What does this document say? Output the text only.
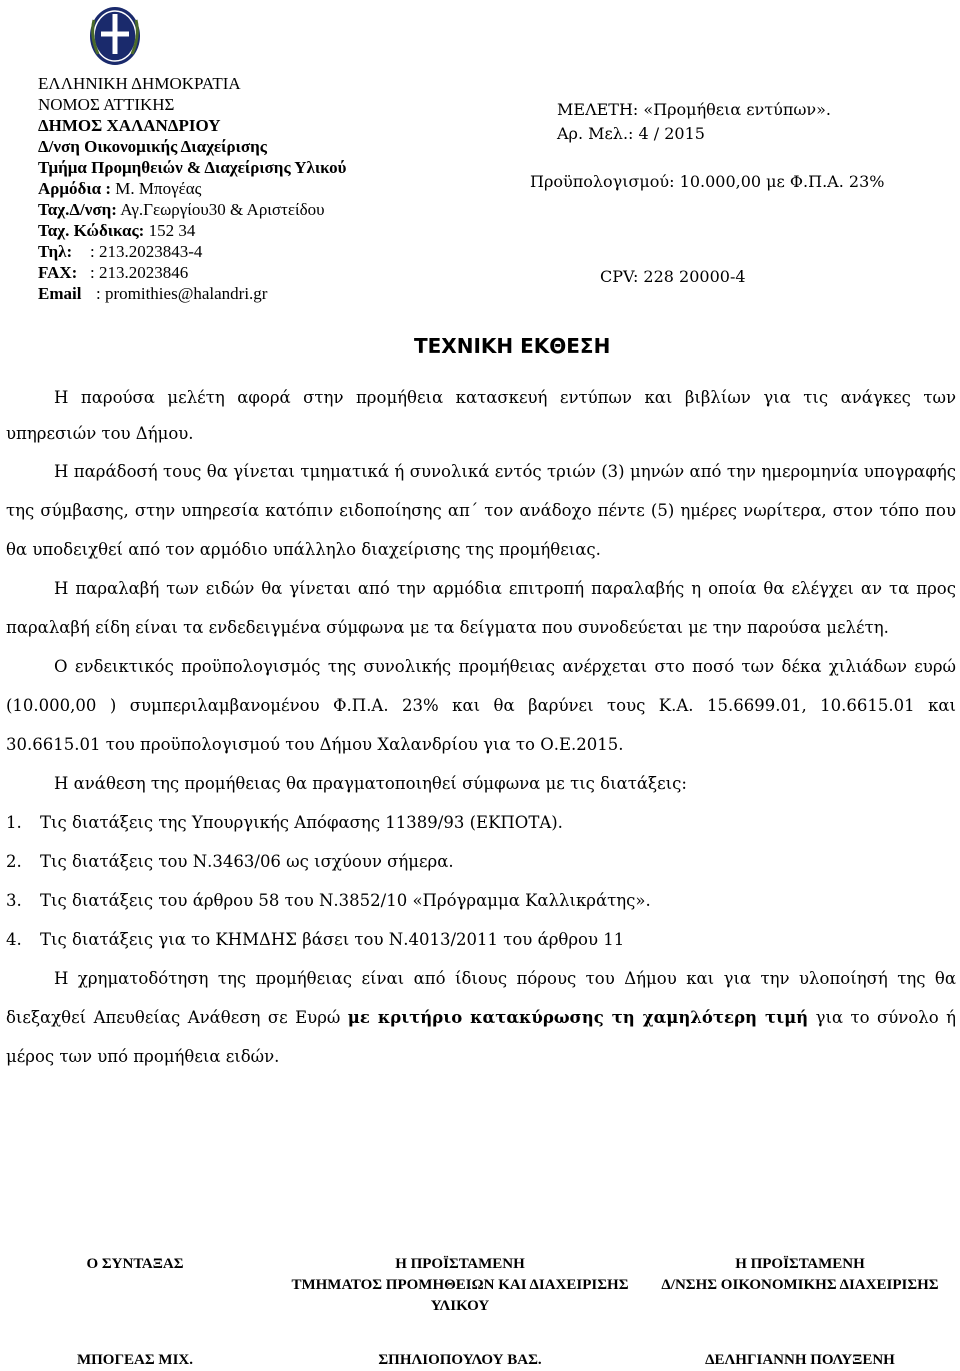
ΕΛΛΗΝΙΚΗ ΔΗΜΟΚΡΑΤΙΑ
ΝΟΜΟΣ ΑΤΤΙΚΗΣ
ΔΗΜΟΣ ΧΑΛΑΝΔΡΙΟΥ
Δ/νση Οικονομικής Διαχείρισης
Τμήμα Προμηθειών & Διαχείρισης Υλικού
Αρμόδια : Μ. Μπογέας
Ταχ.Δ/νση: Αγ.Γεωργίου30 & Αριστείδου
Ταχ. Κώδικας: 152 34
Τηλ: : 213.2023843-4
FAX: : 213.2023846
Email : promithies@halandri.gr
ΜΕΛΕΤΗ: «Προμήθεια εντύπων».
Αρ. Μελ.: 4 / 2015
Προϋπολογισμού: 10.000,00 με Φ.Π.Α. 23%
CPV: 228 20000-4
ΤΕΧΝΙΚΗ ΕΚΘΕΣΗ

Η παρούσα μελέτη αφορά στην προμήθεια κατασκευή εντύπων και βιβλίων για τις ανάγκες των υπηρεσιών του Δήμου.

Η παράδοσή τους θα γίνεται τμηματικά ή συνολικά εντός τριών (3) μηνών από την ημερομηνία υπογραφής της σύμβασης, στην υπηρεσία κατόπιν ειδοποίησης απ΄ τον ανάδοχο πέντε (5) ημέρες νωρίτερα, στον τόπο που θα υποδειχθεί από τον αρμόδιο υπάλληλο διαχείρισης της προμήθειας.

Η παραλαβή των ειδών θα γίνεται από την αρμόδια επιτροπή παραλαβής η οποία θα ελέγχει αν τα προς παραλαβή είδη είναι τα ενδεδειγμένα σύμφωνα με τα δείγματα που συνοδεύεται με την παρούσα μελέτη.

Ο ενδεικτικός προϋπολογισμός της συνολικής προμήθειας ανέρχεται στο ποσό των δέκα χιλιάδων ευρώ (10.000,00 ) συμπεριλαμβανομένου Φ.Π.Α. 23% και θα βαρύνει τους Κ.Α. 15.6699.01, 10.6615.01 και 30.6615.01 του προϋπολογισμού του Δήμου Χαλανδρίου για το Ο.Ε.2015.

Η ανάθεση της προμήθειας θα πραγματοποιηθεί σύμφωνα με τις διατάξεις:

1. Τις διατάξεις της Υπουργικής Απόφασης 11389/93 (ΕΚΠΟΤΑ).
2. Τις διατάξεις του Ν.3463/06 ως ισχύουν σήμερα.
3. Τις διατάξεις του άρθρου 58 του Ν.3852/10 «Πρόγραμμα Καλλικράτης».
4. Τις διατάξεις για το ΚΗΜΔΗΣ βάσει του Ν.4013/2011 του άρθρου 11

Η χρηματοδότηση της προμήθειας είναι από ίδιους πόρους του Δήμου και για την υλοποίησή της θα διεξαχθεί Απευθείας Ανάθεση σε Ευρώ με κριτήριο κατακύρωσης τη χαμηλότερη τιμή για το σύνολο ή μέρος των υπό προμήθεια ειδών.

Ο ΣΥΝΤΑΞΑΣ
ΜΠΟΓΕΑΣ ΜΙΧ.
Η ΠΡΟΪΣΤΑΜΕΝΗ
ΤΜΗΜΑΤΟΣ ΠΡΟΜΗΘΕΙΩΝ ΚΑΙ ΔΙΑΧΕΙΡΙΣΗΣ ΥΛΙΚΟΥ
ΣΠΗΛΙΟΠΟΥΛΟΥ ΒΑΣ.
Η ΠΡΟΪΣΤΑΜΕΝΗ
Δ/ΝΣΗΣ ΟΙΚΟΝΟΜΙΚΗΣ ΔΙΑΧΕΙΡΙΣΗΣ
ΔΕΛΗΓΙΑΝΝΗ ΠΟΛΥΞΕΝΗ
